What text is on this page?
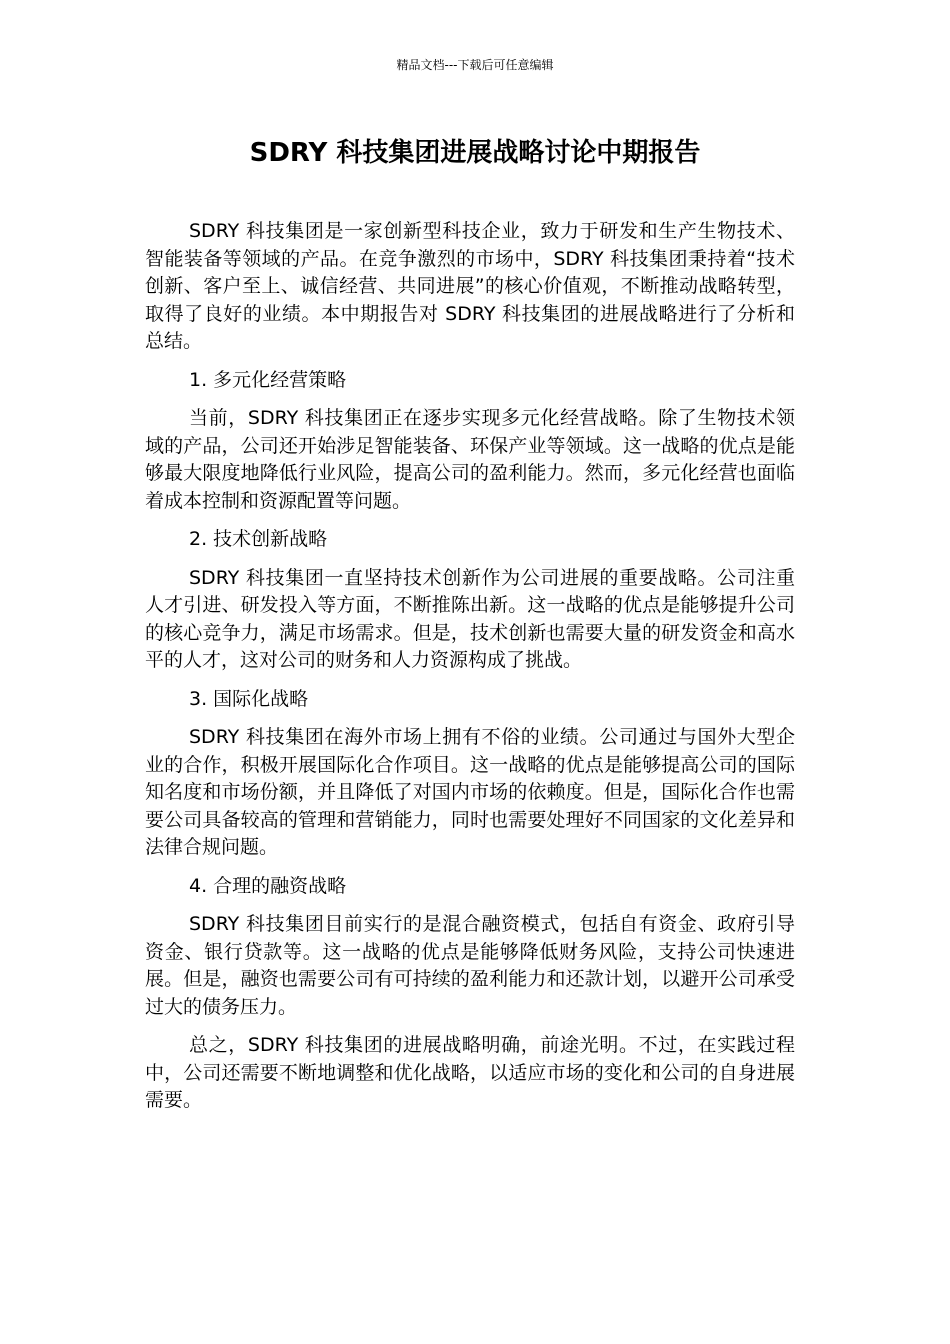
精品文档---下载后可任意编辑
SDRY 科技集团进展战略讨论中期报告

SDRY 科技集团是一家创新型科技企业，致力于研发和生产生物技术、智能装备等领域的产品。在竞争激烈的市场中，SDRY 科技集团秉持着“技术创新、客户至上、诚信经营、共同进展”的核心价值观，不断推动战略转型，取得了良好的业绩。本中期报告对 SDRY 科技集团的进展战略进行了分析和总结。

1. 多元化经营策略

当前，SDRY 科技集团正在逐步实现多元化经营战略。除了生物技术领域的产品，公司还开始涉足智能装备、环保产业等领域。这一战略的优点是能够最大限度地降低行业风险，提高公司的盈利能力。然而，多元化经营也面临着成本控制和资源配置等问题。

2. 技术创新战略

SDRY 科技集团一直坚持技术创新作为公司进展的重要战略。公司注重人才引进、研发投入等方面，不断推陈出新。这一战略的优点是能够提升公司的核心竞争力，满足市场需求。但是，技术创新也需要大量的研发资金和高水平的人才，这对公司的财务和人力资源构成了挑战。

3. 国际化战略

SDRY 科技集团在海外市场上拥有不俗的业绩。公司通过与国外大型企业的合作，积极开展国际化合作项目。这一战略的优点是能够提高公司的国际知名度和市场份额，并且降低了对国内市场的依赖度。但是，国际化合作也需要公司具备较高的管理和营销能力，同时也需要处理好不同国家的文化差异和法律合规问题。

4. 合理的融资战略

SDRY 科技集团目前实行的是混合融资模式，包括自有资金、政府引导资金、银行贷款等。这一战略的优点是能够降低财务风险，支持公司快速进展。但是，融资也需要公司有可持续的盈利能力和还款计划，以避开公司承受过大的债务压力。

总之，SDRY 科技集团的进展战略明确，前途光明。不过，在实践过程中，公司还需要不断地调整和优化战略，以适应市场的变化和公司的自身进展需要。
